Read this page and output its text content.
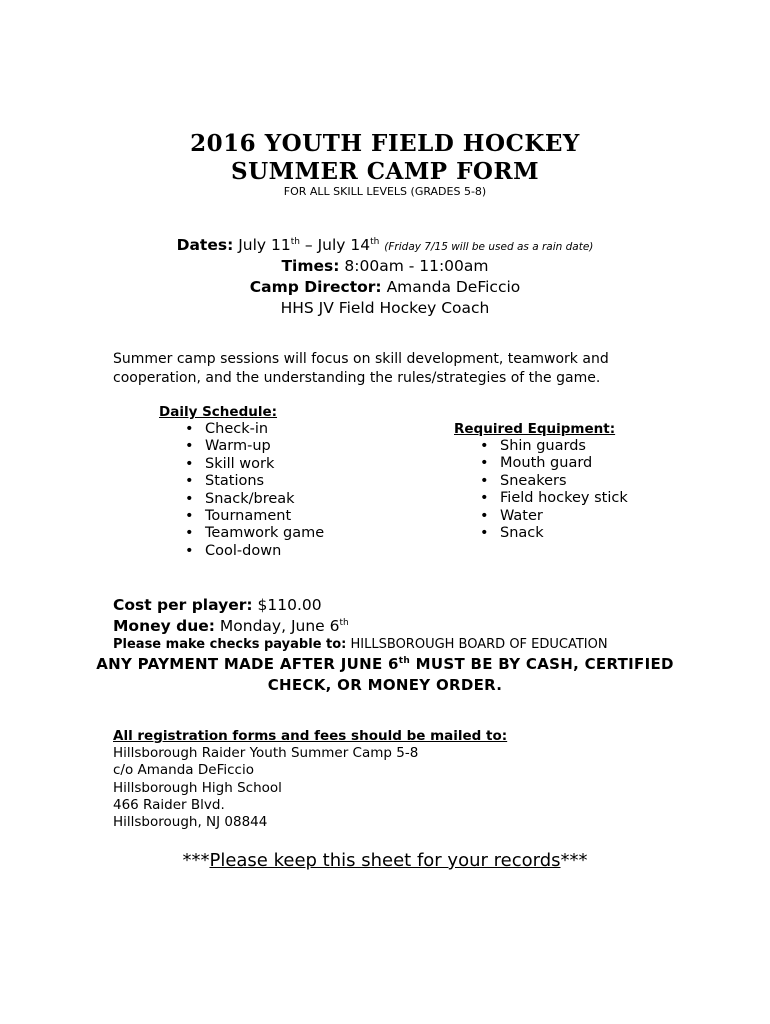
2016 YOUTH FIELD HOCKEY
SUMMER CAMP FORM
FOR ALL SKILL LEVELS (GRADES 5-8)
Dates: July 11th – July 14th (Friday 7/15 will be used as a rain date)
Times: 8:00am - 11:00am
Camp Director: Amanda DeFiccio
HHS JV Field Hockey Coach
Summer camp sessions will focus on skill development, teamwork and cooperation, and the understanding the rules/strategies of the game.
Daily Schedule:
• Check-in
• Warm-up
• Skill work
• Stations
• Snack/break
• Tournament
• Teamwork game
• Cool-down
Required Equipment:
• Shin guards
• Mouth guard
• Sneakers
• Field hockey stick
• Water
• Snack
Cost per player: $110.00
Money due: Monday, June 6th
Please make checks payable to: HILLSBOROUGH BOARD OF EDUCATION
ANY PAYMENT MADE AFTER JUNE 6th MUST BE BY CASH, CERTIFIED
CHECK, OR MONEY ORDER.
All registration forms and fees should be mailed to:
Hillsborough Raider Youth Summer Camp 5-8
c/o Amanda DeFiccio
Hillsborough High School
466 Raider Blvd.
Hillsborough, NJ 08844
***Please keep this sheet for your records***
